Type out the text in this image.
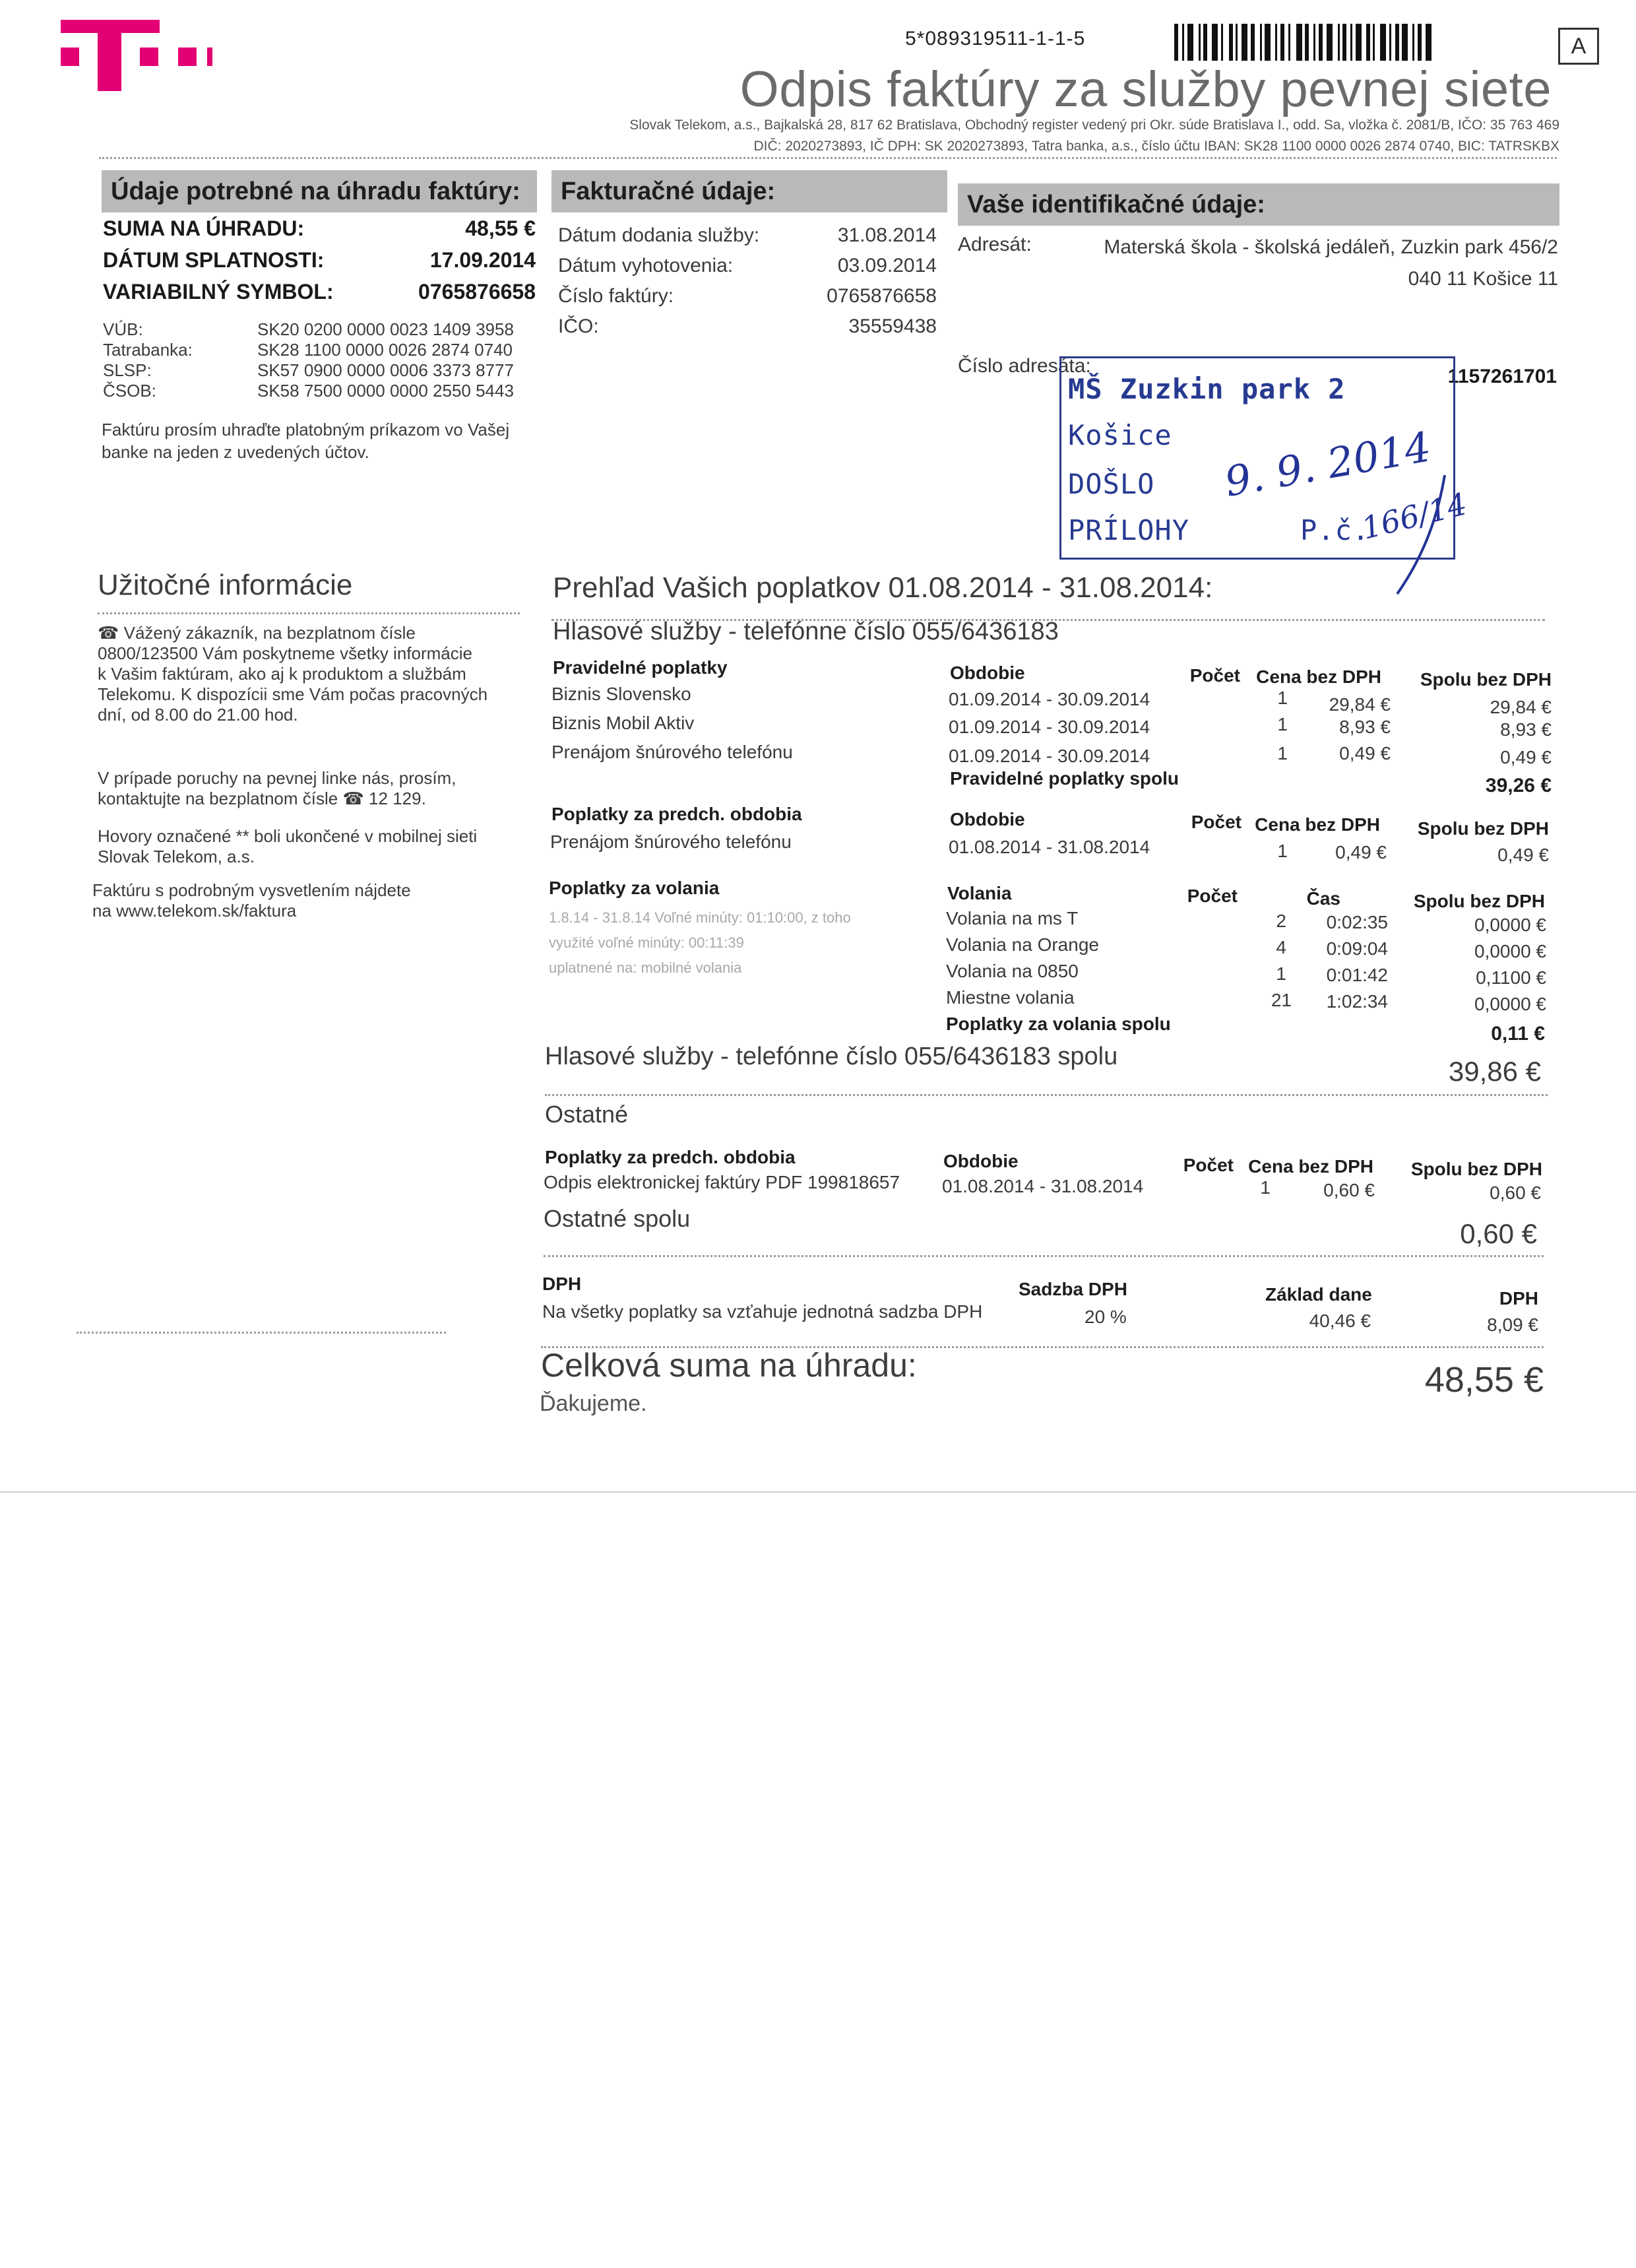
5*089319511-1-1-5	A
Odpis faktúry za služby pevnej siete
Slovak Telekom, a.s., Bajkalská 28, 817 62 Bratislava, Obchodný register vedený pri Okr. súde Bratislava I., odd. Sa, vložka č. 2081/B, IČO: 35 763 469
DIČ: 2020273893, IČ DPH: SK 2020273893, Tatra banka, a.s., číslo účtu IBAN: SK28 1100 0000 0026 2874 0740, BIC: TATRSKBX
Údaje potrebné na úhradu faktúry:
SUMA NA ÚHRADU:	48,55 €
DÁTUM SPLATNOSTI:	17.09.2014
VARIABILNÝ SYMBOL:	0765876658
VÚB:	SK20 0200 0000 0023 1409 3958
Tatrabanka:	SK28 1100 0000 0026 2874 0740
SLSP:	SK57 0900 0000 0006 3373 8777
ČSOB:	SK58 7500 0000 0000 2550 5443
Faktúru prosím uhraďte platobným príkazom vo Vašej
banke na jeden z uvedených účtov.
Fakturačné údaje:
Dátum dodania služby:	31.08.2014
Dátum vyhotovenia:	03.09.2014
Číslo faktúry:	0765876658
IČO:	35559438
Vaše identifikačné údaje:
Adresát:	Materská škola - školská jedáleň, Zuzkin park 456/2
040 11 Košice 11
Číslo adresáta:	1157261701
MŠ Zuzkin park 2
Košice
DOŠLO
PRÍLOHY
9. 9. 2014
P.č.
166/14
Užitočné informácie
☎ Vážený zákazník, na bezplatnom čísle
0800/123500 Vám poskytneme všetky informácie
k Vašim faktúram, ako aj k produktom a službám
Telekomu. K dispozícii sme Vám počas pracovných
dní, od 8.00 do 21.00 hod.
V prípade poruchy na pevnej linke nás, prosím,
kontaktujte na bezplatnom čísle ☎ 12 129.
Hovory označené ** boli ukončené v mobilnej sieti
Slovak Telekom, a.s.
Faktúru s podrobným vysvetlením nájdete
na www.telekom.sk/faktura
Prehľad Vašich poplatkov 01.08.2014 - 31.08.2014:
Hlasové služby - telefónne číslo 055/6436183
Pravidelné poplatky	Obdobie	Počet Cena bez DPH Spolu bez DPH
Biznis Slovensko	01.09.2014 - 30.09.2014	1 29,84 €	29,84 €
Biznis Mobil Aktiv	01.09.2014 - 30.09.2014	1	8,93 €	8,93 €
Prenájom šnúrového telefónu	01.09.2014 - 30.09.2014	1	0,49 €	0,49 €
Pravidelné poplatky spolu	39,26 €
Poplatky za predch. obdobia	Obdobie	Počet Cena bez DPH Spolu bez DPH
Prenájom šnúrového telefónu	01.08.2014 - 31.08.2014	1	0,49 €	0,49 €
Poplatky za volania
1.8.14 - 31.8.14 Voľné minúty: 01:10:00, z toho
využité voľné minúty: 00:11:39
uplatnené na: mobilné volania
Volania	Počet	Čas	Spolu bez DPH
Volania na ms T	2 0:02:35	0,0000 €
Volania na Orange	4 0:09:04	0,0000 €
Volania na 0850	1 0:01:42	0,1100 €
Miestne volania	21 1:02:34	0,0000 €
Poplatky za volania spolu	0,11 €
Hlasové služby - telefónne číslo 055/6436183 spolu	39,86 €
Ostatné
Poplatky za predch. obdobia	Obdobie	Počet Cena bez DPH Spolu bez DPH
Odpis elektronickej faktúry PDF 199818657 01.08.2014 - 31.08.2014	1	0,60 €	0,60 €
Ostatné spolu	0,60 €
DPH
Na všetky poplatky sa vzťahuje jednotná sadzba DPH
Sadzba DPH	Základ dane	DPH
20 %	40,46 €	8,09 €
Celková suma na úhradu:	48,55 €
Ďakujeme.
